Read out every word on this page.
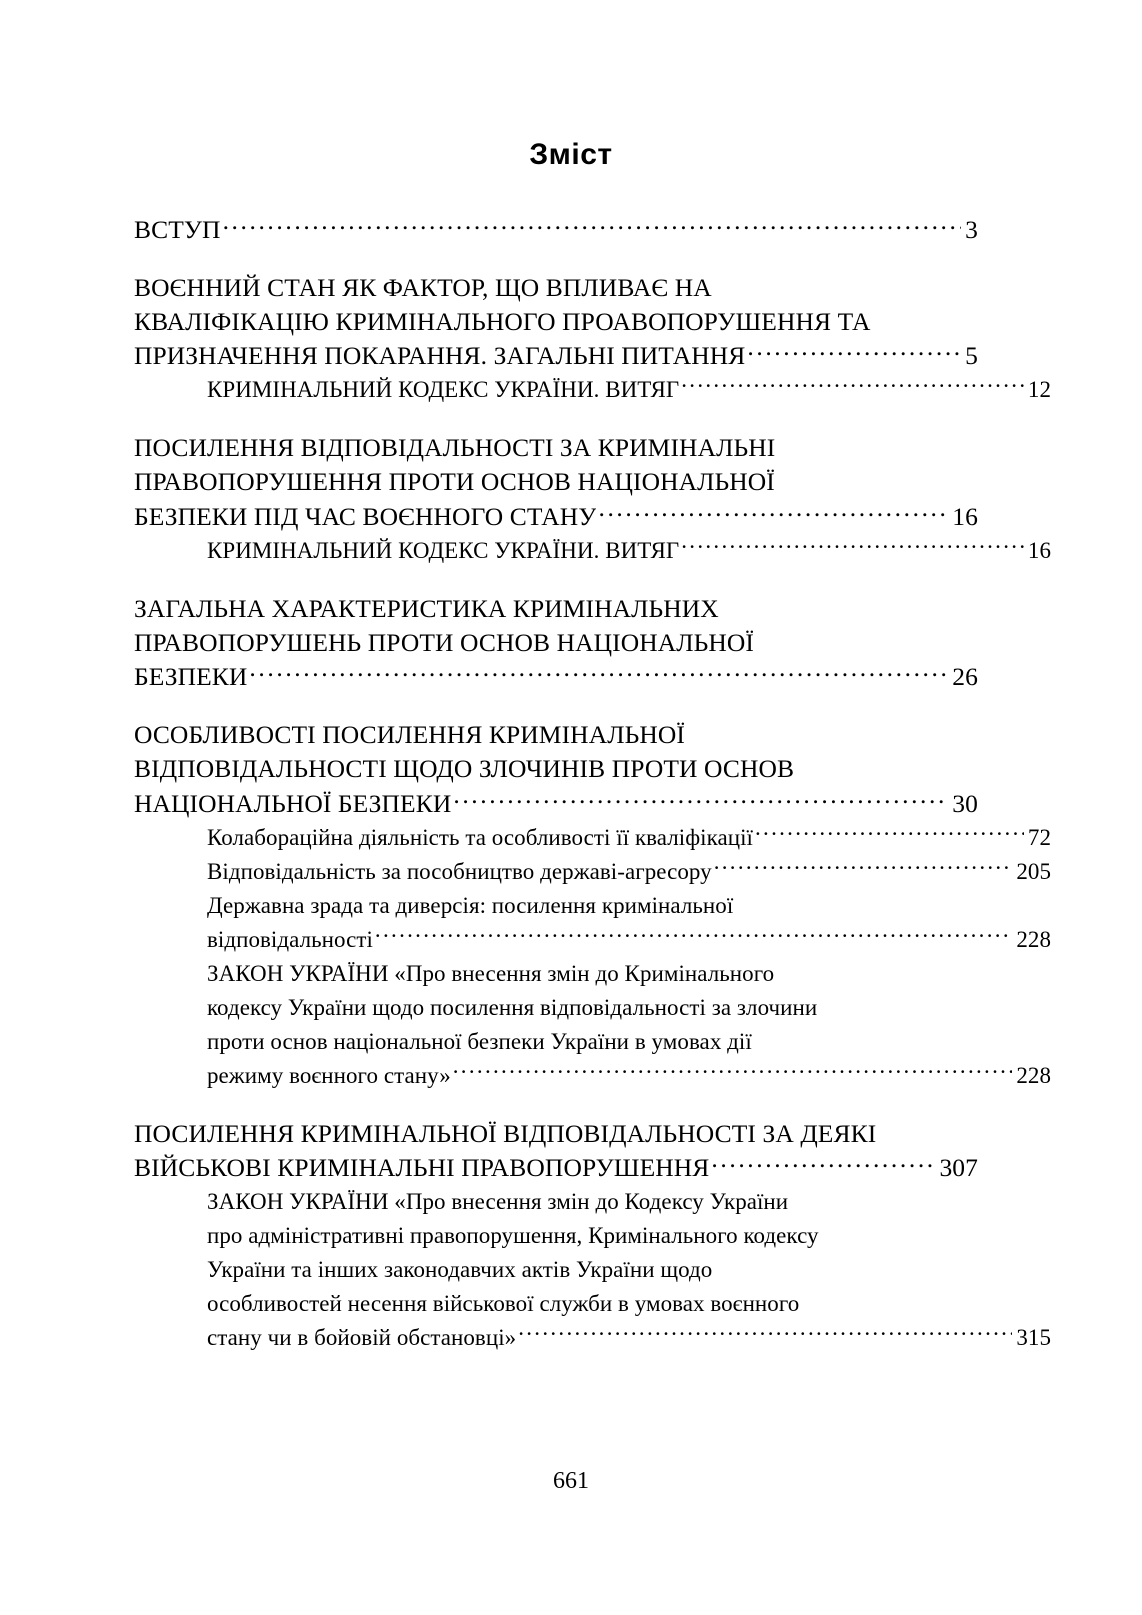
Зміст
ВСТУП .....	3
ВОЄННИЙ СТАН ЯК ФАКТОР, ЩО ВПЛИВАЄ НА
КВАЛІФІКАЦІЮ КРИМІНАЛЬНОГО ПРОАВОПОРУШЕННЯ ТА
ПРИЗНАЧЕННЯ ПОКАРАННЯ. ЗАГАЛЬНІ ПИТАННЯ .....	5
КРИМІНАЛЬНИЙ КОДЕКС УКРАЇНИ. ВИТЯГ .....	12
ПОСИЛЕННЯ ВІДПОВІДАЛЬНОСТІ ЗА КРИМІНАЛЬНІ
ПРАВОПОРУШЕННЯ ПРОТИ ОСНОВ НАЦІОНАЛЬНОЇ
БЕЗПЕКИ ПІД ЧАС ВОЄННОГО СТАНУ .....	16
КРИМІНАЛЬНИЙ КОДЕКС УКРАЇНИ. ВИТЯГ .....	16
ЗАГАЛЬНА ХАРАКТЕРИСТИКА КРИМІНАЛЬНИХ
ПРАВОПОРУШЕНЬ ПРОТИ ОСНОВ НАЦІОНАЛЬНОЇ
БЕЗПЕКИ .....	26
ОСОБЛИВОСТІ ПОСИЛЕННЯ КРИМІНАЛЬНОЇ
ВІДПОВІДАЛЬНОСТІ ЩОДО ЗЛОЧИНІВ ПРОТИ ОСНОВ
НАЦІОНАЛЬНОЇ БЕЗПЕКИ .....	30
Колабораційна діяльність та особливості її кваліфікації .....	72
Відповідальність за пособництво державі-агресору .....	205
Державна зрада та диверсія: посилення кримінальної
відповідальності .....	228
ЗАКОН УКРАЇНИ «Про внесення змін до Кримінального
кодексу України щодо посилення відповідальності за злочини
проти основ національної безпеки України в умовах дії
режиму воєнного стану» .....	228
ПОСИЛЕННЯ КРИМІНАЛЬНОЇ ВІДПОВІДАЛЬНОСТІ ЗА ДЕЯКІ
ВІЙСЬКОВІ КРИМІНАЛЬНІ ПРАВОПОРУШЕННЯ .....	307
ЗАКОН УКРАЇНИ «Про внесення змін до Кодексу України
про адміністративні правопорушення, Кримінального кодексу
України та інших законодавчих актів України щодо
особливостей несення військової служби в умовах воєнного
стану чи в бойовій обстановці» .....	315
661
